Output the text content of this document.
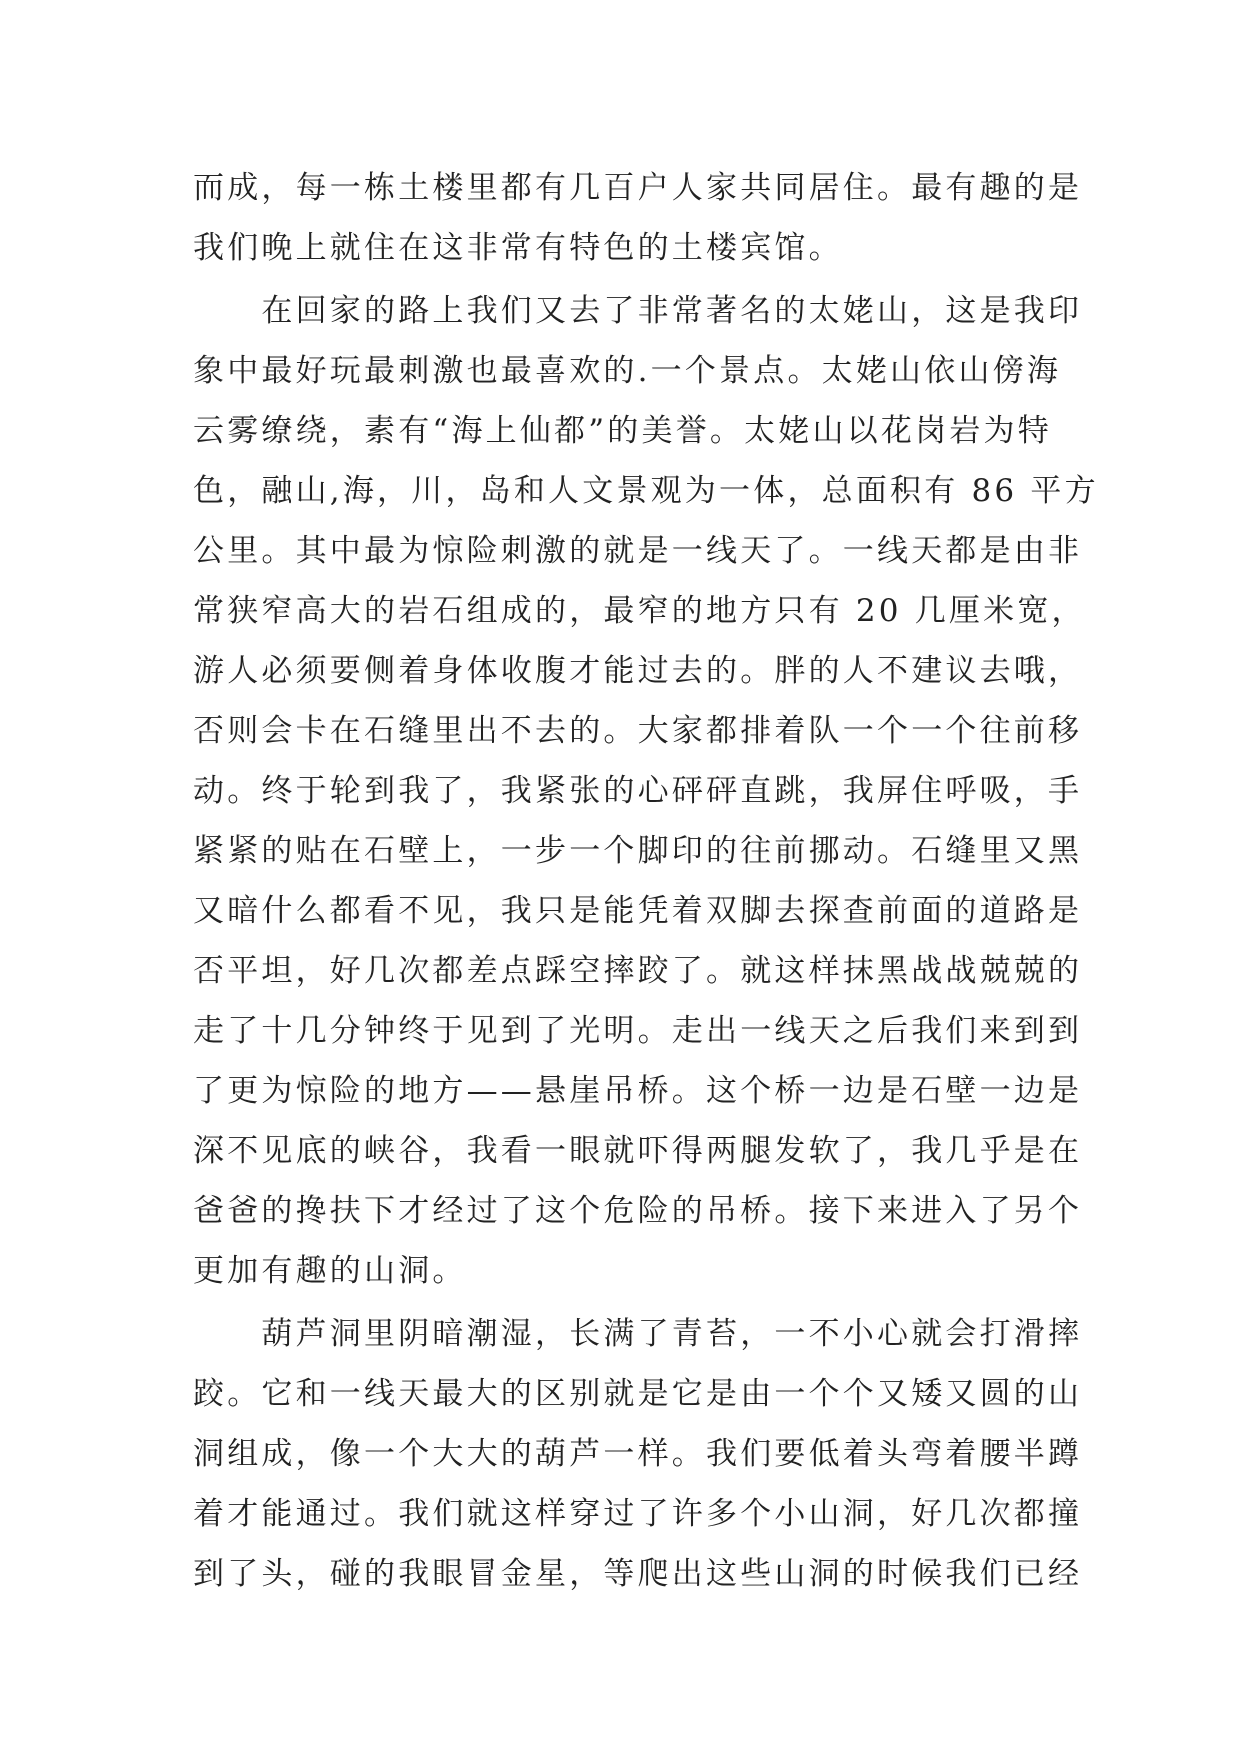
而成，每一栋土楼里都有几百户人家共同居住。最有趣的是
我们晚上就住在这非常有特色的土楼宾馆。
　　在回家的路上我们又去了非常著名的太姥山，这是我印
象中最好玩最刺激也最喜欢的.一个景点。太姥山依山傍海
云雾缭绕，素有“海上仙都”的美誉。太姥山以花岗岩为特
色，融山,海，川，岛和人文景观为一体，总面积有 86 平方
公里。其中最为惊险刺激的就是一线天了。一线天都是由非
常狭窄高大的岩石组成的，最窄的地方只有 20 几厘米宽，
游人必须要侧着身体收腹才能过去的。胖的人不建议去哦，
否则会卡在石缝里出不去的。大家都排着队一个一个往前移
动。终于轮到我了，我紧张的心砰砰直跳，我屏住呼吸，手
紧紧的贴在石壁上，一步一个脚印的往前挪动。石缝里又黑
又暗什么都看不见，我只是能凭着双脚去探查前面的道路是
否平坦，好几次都差点踩空摔跤了。就这样抹黑战战兢兢的
走了十几分钟终于见到了光明。走出一线天之后我们来到到
了更为惊险的地方——悬崖吊桥。这个桥一边是石壁一边是
深不见底的峡谷，我看一眼就吓得两腿发软了，我几乎是在
爸爸的搀扶下才经过了这个危险的吊桥。接下来进入了另个
更加有趣的山洞。
　　葫芦洞里阴暗潮湿，长满了青苔，一不小心就会打滑摔
跤。它和一线天最大的区别就是它是由一个个又矮又圆的山
洞组成，像一个大大的葫芦一样。我们要低着头弯着腰半蹲
着才能通过。我们就这样穿过了许多个小山洞，好几次都撞
到了头，碰的我眼冒金星，等爬出这些山洞的时候我们已经
